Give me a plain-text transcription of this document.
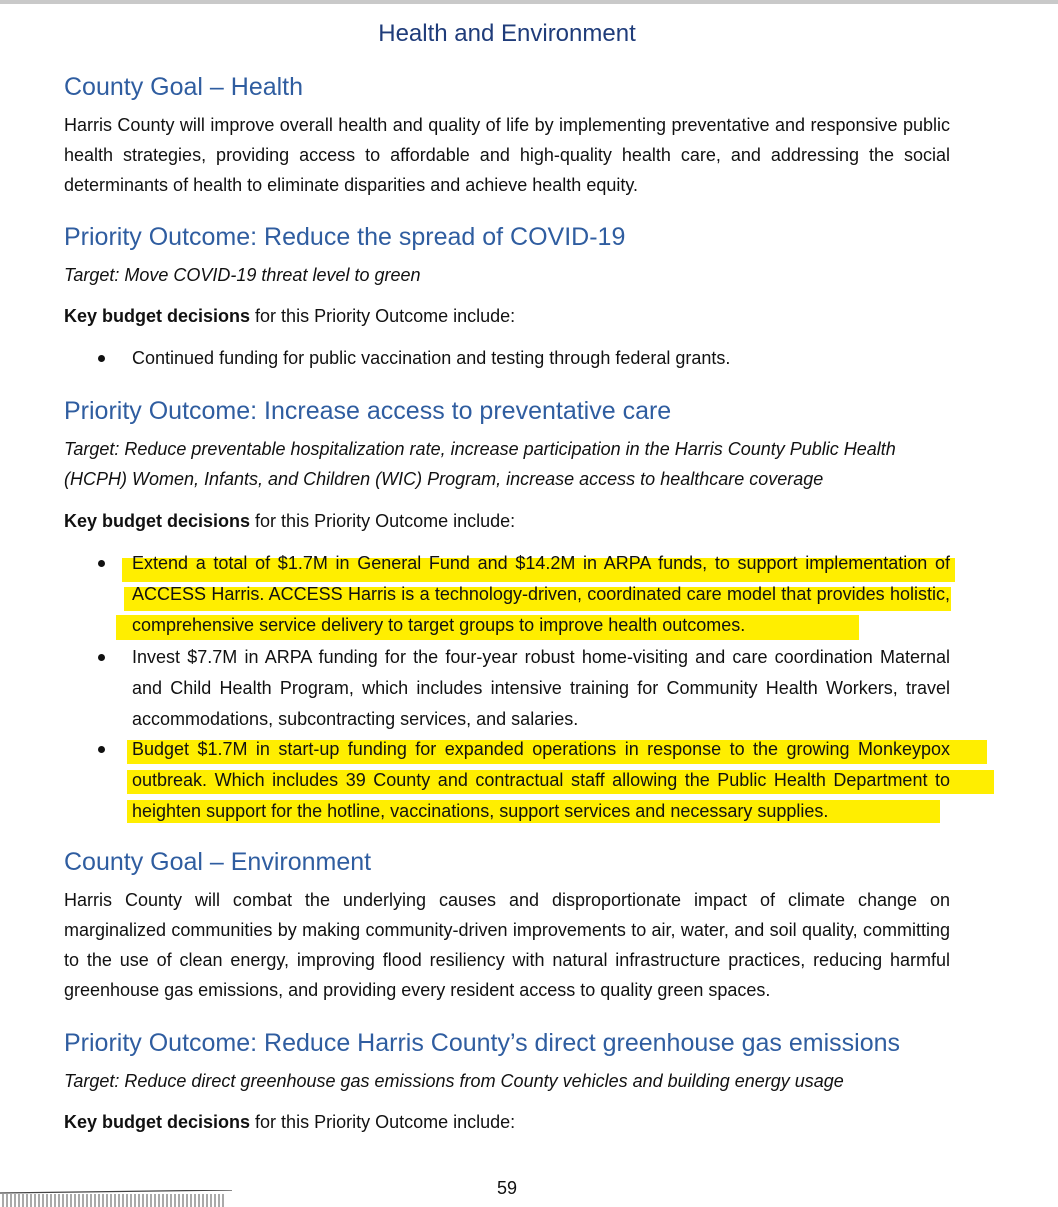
Health and Environment
County Goal – Health

Harris County will improve overall health and quality of life by implementing preventative and responsive public health strategies, providing access to affordable and high-quality health care, and addressing the social determinants of health to eliminate disparities and achieve health equity.

Priority Outcome: Reduce the spread of COVID-19

Target: Move COVID-19 threat level to green

Key budget decisions for this Priority Outcome include:

Continued funding for public vaccination and testing through federal grants.

Priority Outcome: Increase access to preventative care

Target: Reduce preventable hospitalization rate, increase participation in the Harris County Public Health (HCPH) Women, Infants, and Children (WIC) Program, increase access to healthcare coverage

Key budget decisions for this Priority Outcome include:

Extend a total of $1.7M in General Fund and $14.2M in ARPA funds, to support implementation of ACCESS Harris. ACCESS Harris is a technology-driven, coordinated care model that provides holistic, comprehensive service delivery to target groups to improve health outcomes.

Invest $7.7M in ARPA funding for the four-year robust home-visiting and care coordination Maternal and Child Health Program, which includes intensive training for Community Health Workers, travel accommodations, subcontracting services, and salaries.

Budget $1.7M in start-up funding for expanded operations in response to the growing Monkeypox outbreak. Which includes 39 County and contractual staff allowing the Public Health Department to heighten support for the hotline, vaccinations, support services and necessary supplies.

County Goal – Environment

Harris County will combat the underlying causes and disproportionate impact of climate change on marginalized communities by making community-driven improvements to air, water, and soil quality, committing to the use of clean energy, improving flood resiliency with natural infrastructure practices, reducing harmful greenhouse gas emissions, and providing every resident access to quality green spaces.

Priority Outcome: Reduce Harris County’s direct greenhouse gas emissions

Target: Reduce direct greenhouse gas emissions from County vehicles and building energy usage

Key budget decisions for this Priority Outcome include:

59
